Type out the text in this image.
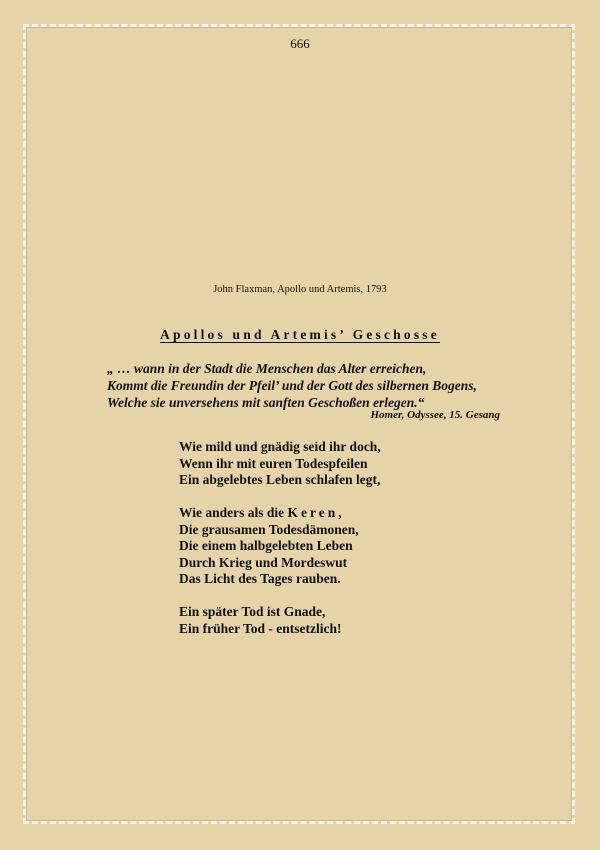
666
John Flaxman, Apollo und Artemis, 1793
Apollos und Artemis’ Geschosse
„ … wann in der Stadt die Menschen das Alter erreichen,
Kommt die Freundin der Pfeil’ und der Gott des silbernen Bogens,
Welche sie unversehens mit sanften Geschoßen erlegen.“
Homer, Odyssee, 15. Gesang
Wie mild und gnädig seid ihr doch,
Wenn ihr mit euren Todespfeilen
Ein abgelebtes Leben schlafen legt,
Wie anders als die Keren,
Die grausamen Todesdämonen,
Die einem halbgelebten Leben
Durch Krieg und Mordeswut
Das Licht des Tages rauben.
Ein später Tod ist Gnade,
Ein früher Tod - entsetzlich!
